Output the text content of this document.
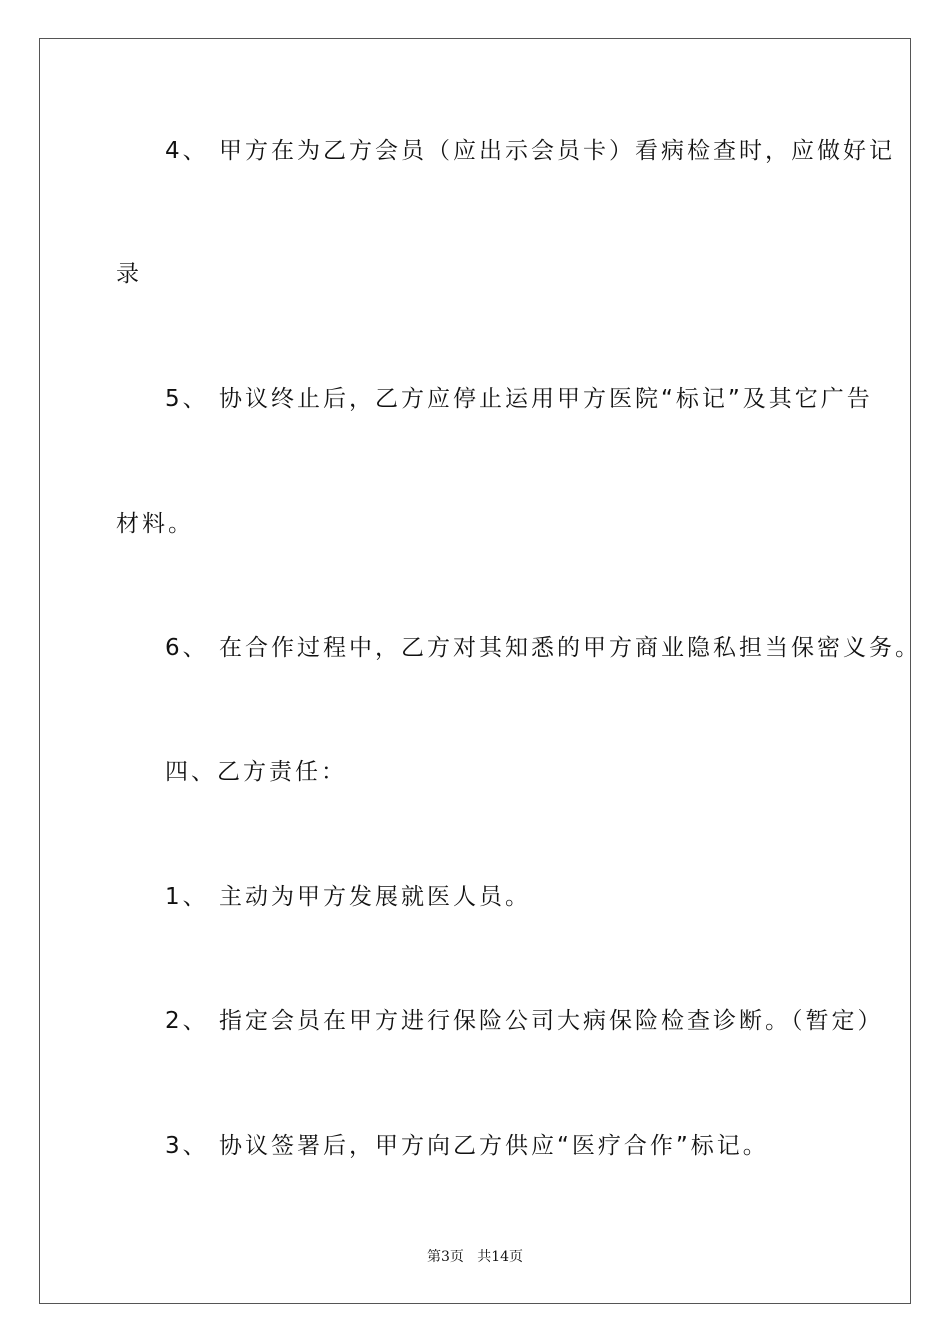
4、 甲方在为乙方会员（应出示会员卡）看病检查时，应做好记
录
5、 协议终止后，乙方应停止运用甲方医院“标记”及其它广告
材料。
6、 在合作过程中，乙方对其知悉的甲方商业隐私担当保密义务。
四、乙方责任：
1、 主动为甲方发展就医人员。
2、 指定会员在甲方进行保险公司大病保险检查诊断。（暂定）
3、 协议签署后，甲方向乙方供应“医疗合作”标记。
第3页   共14页
